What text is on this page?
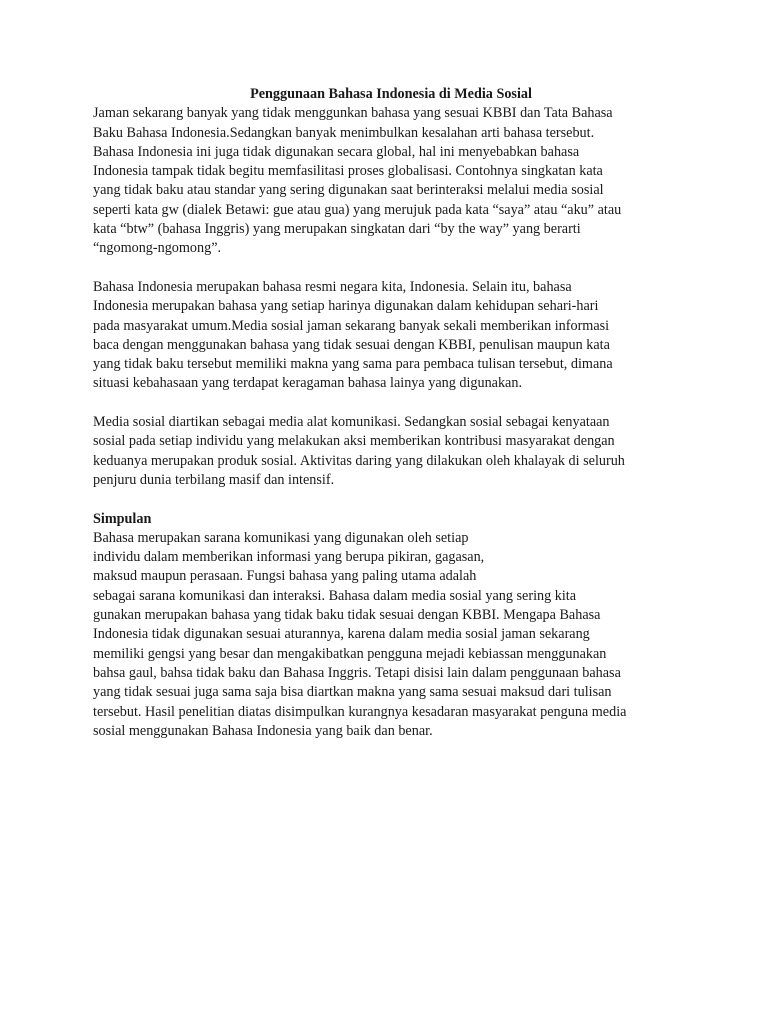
Penggunaan Bahasa Indonesia di Media Sosial
Jaman sekarang banyak yang tidak menggunkan bahasa yang sesuai KBBI dan Tata Bahasa
Baku Bahasa Indonesia.Sedangkan banyak menimbulkan kesalahan arti bahasa tersebut.
Bahasa Indonesia ini juga tidak digunakan secara global, hal ini menyebabkan bahasa
Indonesia tampak tidak begitu memfasilitasi proses globalisasi. Contohnya singkatan kata
yang tidak baku atau standar yang sering digunakan saat berinteraksi melalui media sosial
seperti kata gw (dialek Betawi: gue atau gua) yang merujuk pada kata “saya” atau “aku” atau
kata “btw” (bahasa Inggris) yang merupakan singkatan dari “by the way” yang berarti
“ngomong-ngomong”.
Bahasa Indonesia merupakan bahasa resmi negara kita, Indonesia. Selain itu, bahasa
Indonesia merupakan bahasa yang setiap harinya digunakan dalam kehidupan sehari-hari
pada masyarakat umum.Media sosial jaman sekarang banyak sekali memberikan informasi
baca dengan menggunakan bahasa yang tidak sesuai dengan KBBI, penulisan maupun kata
yang tidak baku tersebut memiliki makna yang sama para pembaca tulisan tersebut, dimana
situasi kebahasaan yang terdapat keragaman bahasa lainya yang digunakan.
Media sosial diartikan sebagai media alat komunikasi. Sedangkan sosial sebagai kenyataan
sosial pada setiap individu yang melakukan aksi memberikan kontribusi masyarakat dengan
keduanya merupakan produk sosial. Aktivitas daring yang dilakukan oleh khalayak di seluruh
penjuru dunia terbilang masif dan intensif.
Simpulan
Bahasa merupakan sarana komunikasi yang digunakan oleh setiap
individu dalam memberikan informasi yang berupa pikiran, gagasan,
maksud maupun perasaan. Fungsi bahasa yang paling utama adalah
sebagai sarana komunikasi dan interaksi. Bahasa dalam media sosial yang sering kita
gunakan merupakan bahasa yang tidak baku tidak sesuai dengan KBBI. Mengapa Bahasa
Indonesia tidak digunakan sesuai aturannya, karena dalam media sosial jaman sekarang
memiliki gengsi yang besar dan mengakibatkan pengguna mejadi kebiassan menggunakan
bahsa gaul, bahsa tidak baku dan Bahasa Inggris. Tetapi disisi lain dalam penggunaan bahasa
yang tidak sesuai juga sama saja bisa diartkan makna yang sama sesuai maksud dari tulisan
tersebut. Hasil penelitian diatas disimpulkan kurangnya kesadaran masyarakat penguna media
sosial menggunakan Bahasa Indonesia yang baik dan benar.
